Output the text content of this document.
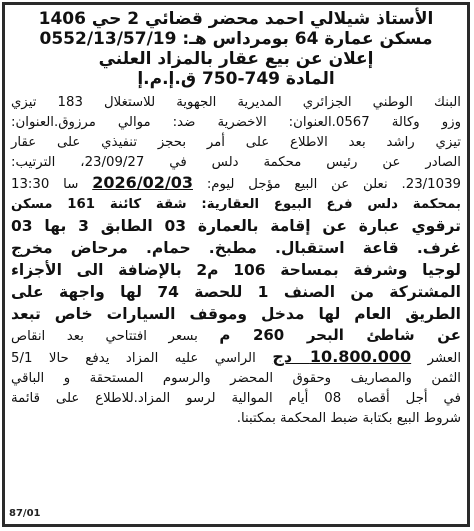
الأستاذ شيلالي احمد محضر قضائي 2 حي 1406
مسكن عمارة 64 بومرداس هـ: 0552/13/57/19
إعلان عن بيع عقار بالمزاد العلني
المادة 749-750 ق.إ.م.إ
البنك الوطني الجزائري المديرية الجهوية للاستغلال 183 تيزي
وزو وكالة 0567.العنوان: الاخضرية ضد: موالي مرزوق.العنوان:
تيزي راشد بعد الاطلاع على أمر بحجز تنفيذي على عقار
الصادر عن رئيس محكمة دلس في 23/09/27، الترتيب:
23/1039. نعلن عن البيع مؤجل ليوم: 2026/02/03 سا 13:30
بمحكمة دلس فرع البيوع العقارية: شقة كائنة 161 مسكن
ترقوي عبارة عن إقامة بالعمارة 03 الطابق 3 بها 03
غرف. قاعة استقبال. مطبخ. حمام. مرحاض مخرج
لوجيا وشرفة بمساحة 106 م2 بالإضافة الى الأجزاء
المشتركة من الصنف 1 للحصة 74 لها واجهة على
الطريق العام لها مدخل وموقف السيارات خاص تبعد
عن شاطئ البحر 260 م بسعر افتتاحي بعد انقاص
العشر 10.800.000 دج الراسي عليه المزاد يدفع حالا 5/1
الثمن والمصاريف وحقوق المحضر والرسوم المستحقة و الباقي
في أجل أقصاه 08 أيام الموالية لرسو المزاد.للاطلاع على قائمة
شروط البيع بكتابة ضبط المحكمة بمكتبنا.
87/01
